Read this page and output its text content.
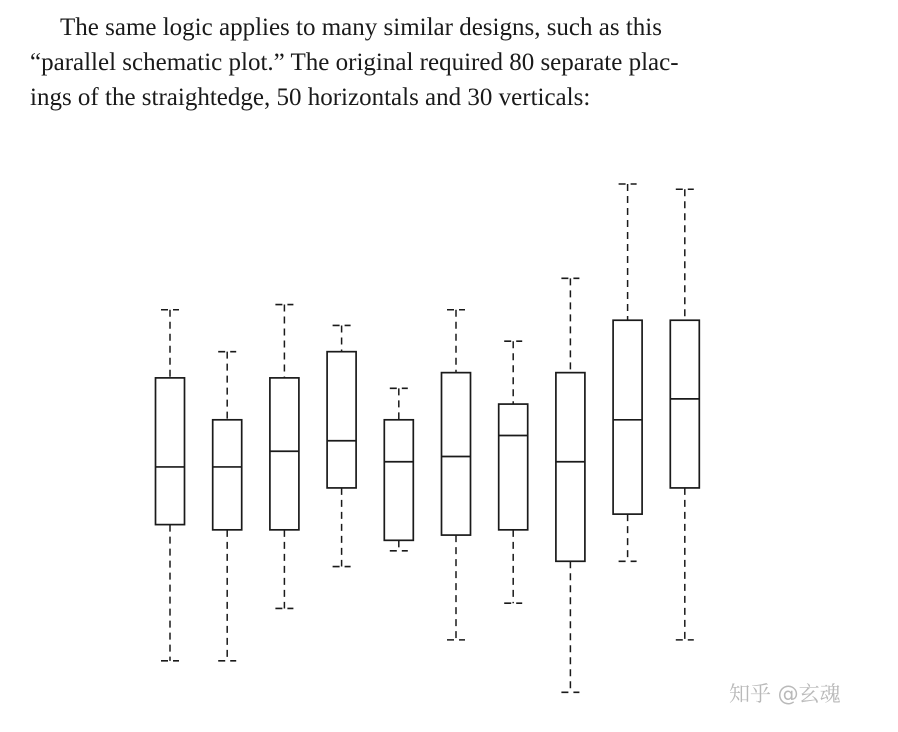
The same logic applies to many similar designs, such as this
“parallel schematic plot.” The original required 80 separate plac-
ings of the straightedge, 50 horizontals and 30 verticals:
知乎 @玄魂
